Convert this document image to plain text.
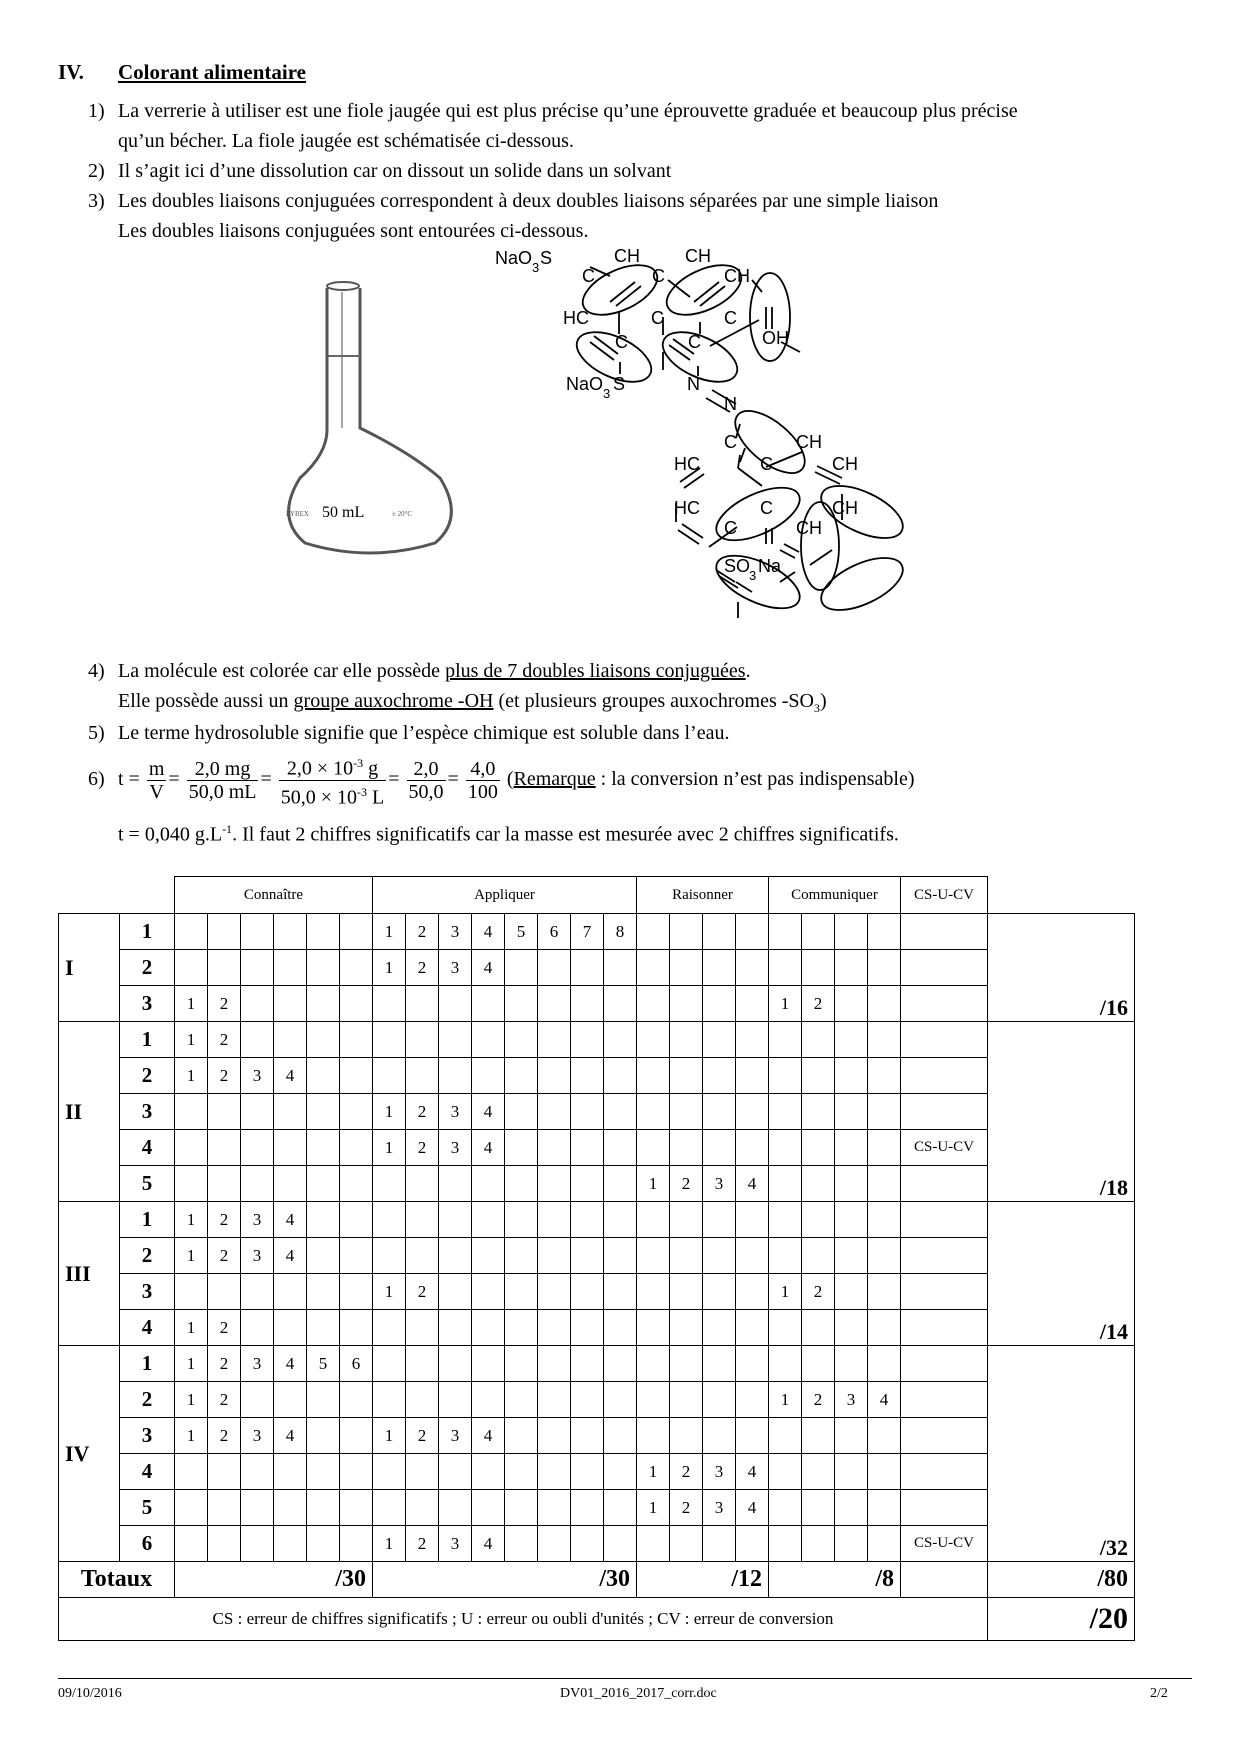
IV. Colorant alimentaire
1) La verrerie à utiliser est une fiole jaugée qui est plus précise qu’une éprouvette graduée et beaucoup plus précise
qu’un bécher. La fiole jaugée est schématisée ci-dessous.
2) Il s’agit ici d’une dissolution car on dissout un solide dans un solvant
3) Les doubles liaisons conjuguées correspondent à deux doubles liaisons séparées par une simple liaison
Les doubles liaisons conjuguées sont entourées ci-dessous.
PYREX	± 20°C
50 mL
NaO 3 S	CH	CH
CH
C	C
HC
C
C
C
C
OH
NaO 3 S	N
N
C	CH
HC	C	CH
HC	C	CH
C	CH
SO
3 Na
4) La molécule est colorée car elle possède plus de 7 doubles liaisons conjuguées.
Elle possède aussi un groupe auxochrome -OH (et plusieurs groupes auxochromes $-SO_3$)
5) Le terme hydrosoluble signifie que l’espèce chimique est soluble dans l’eau.
6) $t = \frac{m}{V} = \frac{2,0 mg}{50,0 mL} = \frac{2,0 \times 10^{-3} g}{50,0 \times 10^{-3} L} = \frac{2,0}{50,0} = \frac{4,0}{100}$ (Remarque : la conversion n’est pas indispensable)
t = 0,040 $g.L^{-1}$. Il faut 2 chiffres significatifs car la masse est mesurée avec 2 chiffres significatifs.
		Connaître						Appliquer								Raisonner				Communiquer				CS-U-CV	
I	1							1	2	3	4	5	6	7	8										/16
	2							1	2	3	4														
	3	1	2																	1	2				
II	1	1	2																						/18
	2	1	2	3	4																				
	3							1	2	3	4														
	4							1	2	3	4													CS-U-CV	
	5															1	2	3	4						
III	1	1	2	3	4																				/14
	2	1	2	3	4																				
	3							1	2											1	2				
	4	1	2																						
IV	1	1	2	3	4	5	6																		/32
	2	1	2																	1	2	3	4		
	3	1	2	3	4			1	2	3	4														
	4															1	2	3	4						
	5															1	2	3	4						
	6							1	2	3	4													CS-U-CV	
Totaux		/30						/30								/12				/8					/80
CS : erreur de chiffres significatifs ; U : erreur ou oubli d'unités ; CV : erreur de conversion																									/20
09/10/2016	DV01_2016_2017_corr.doc	2/2
